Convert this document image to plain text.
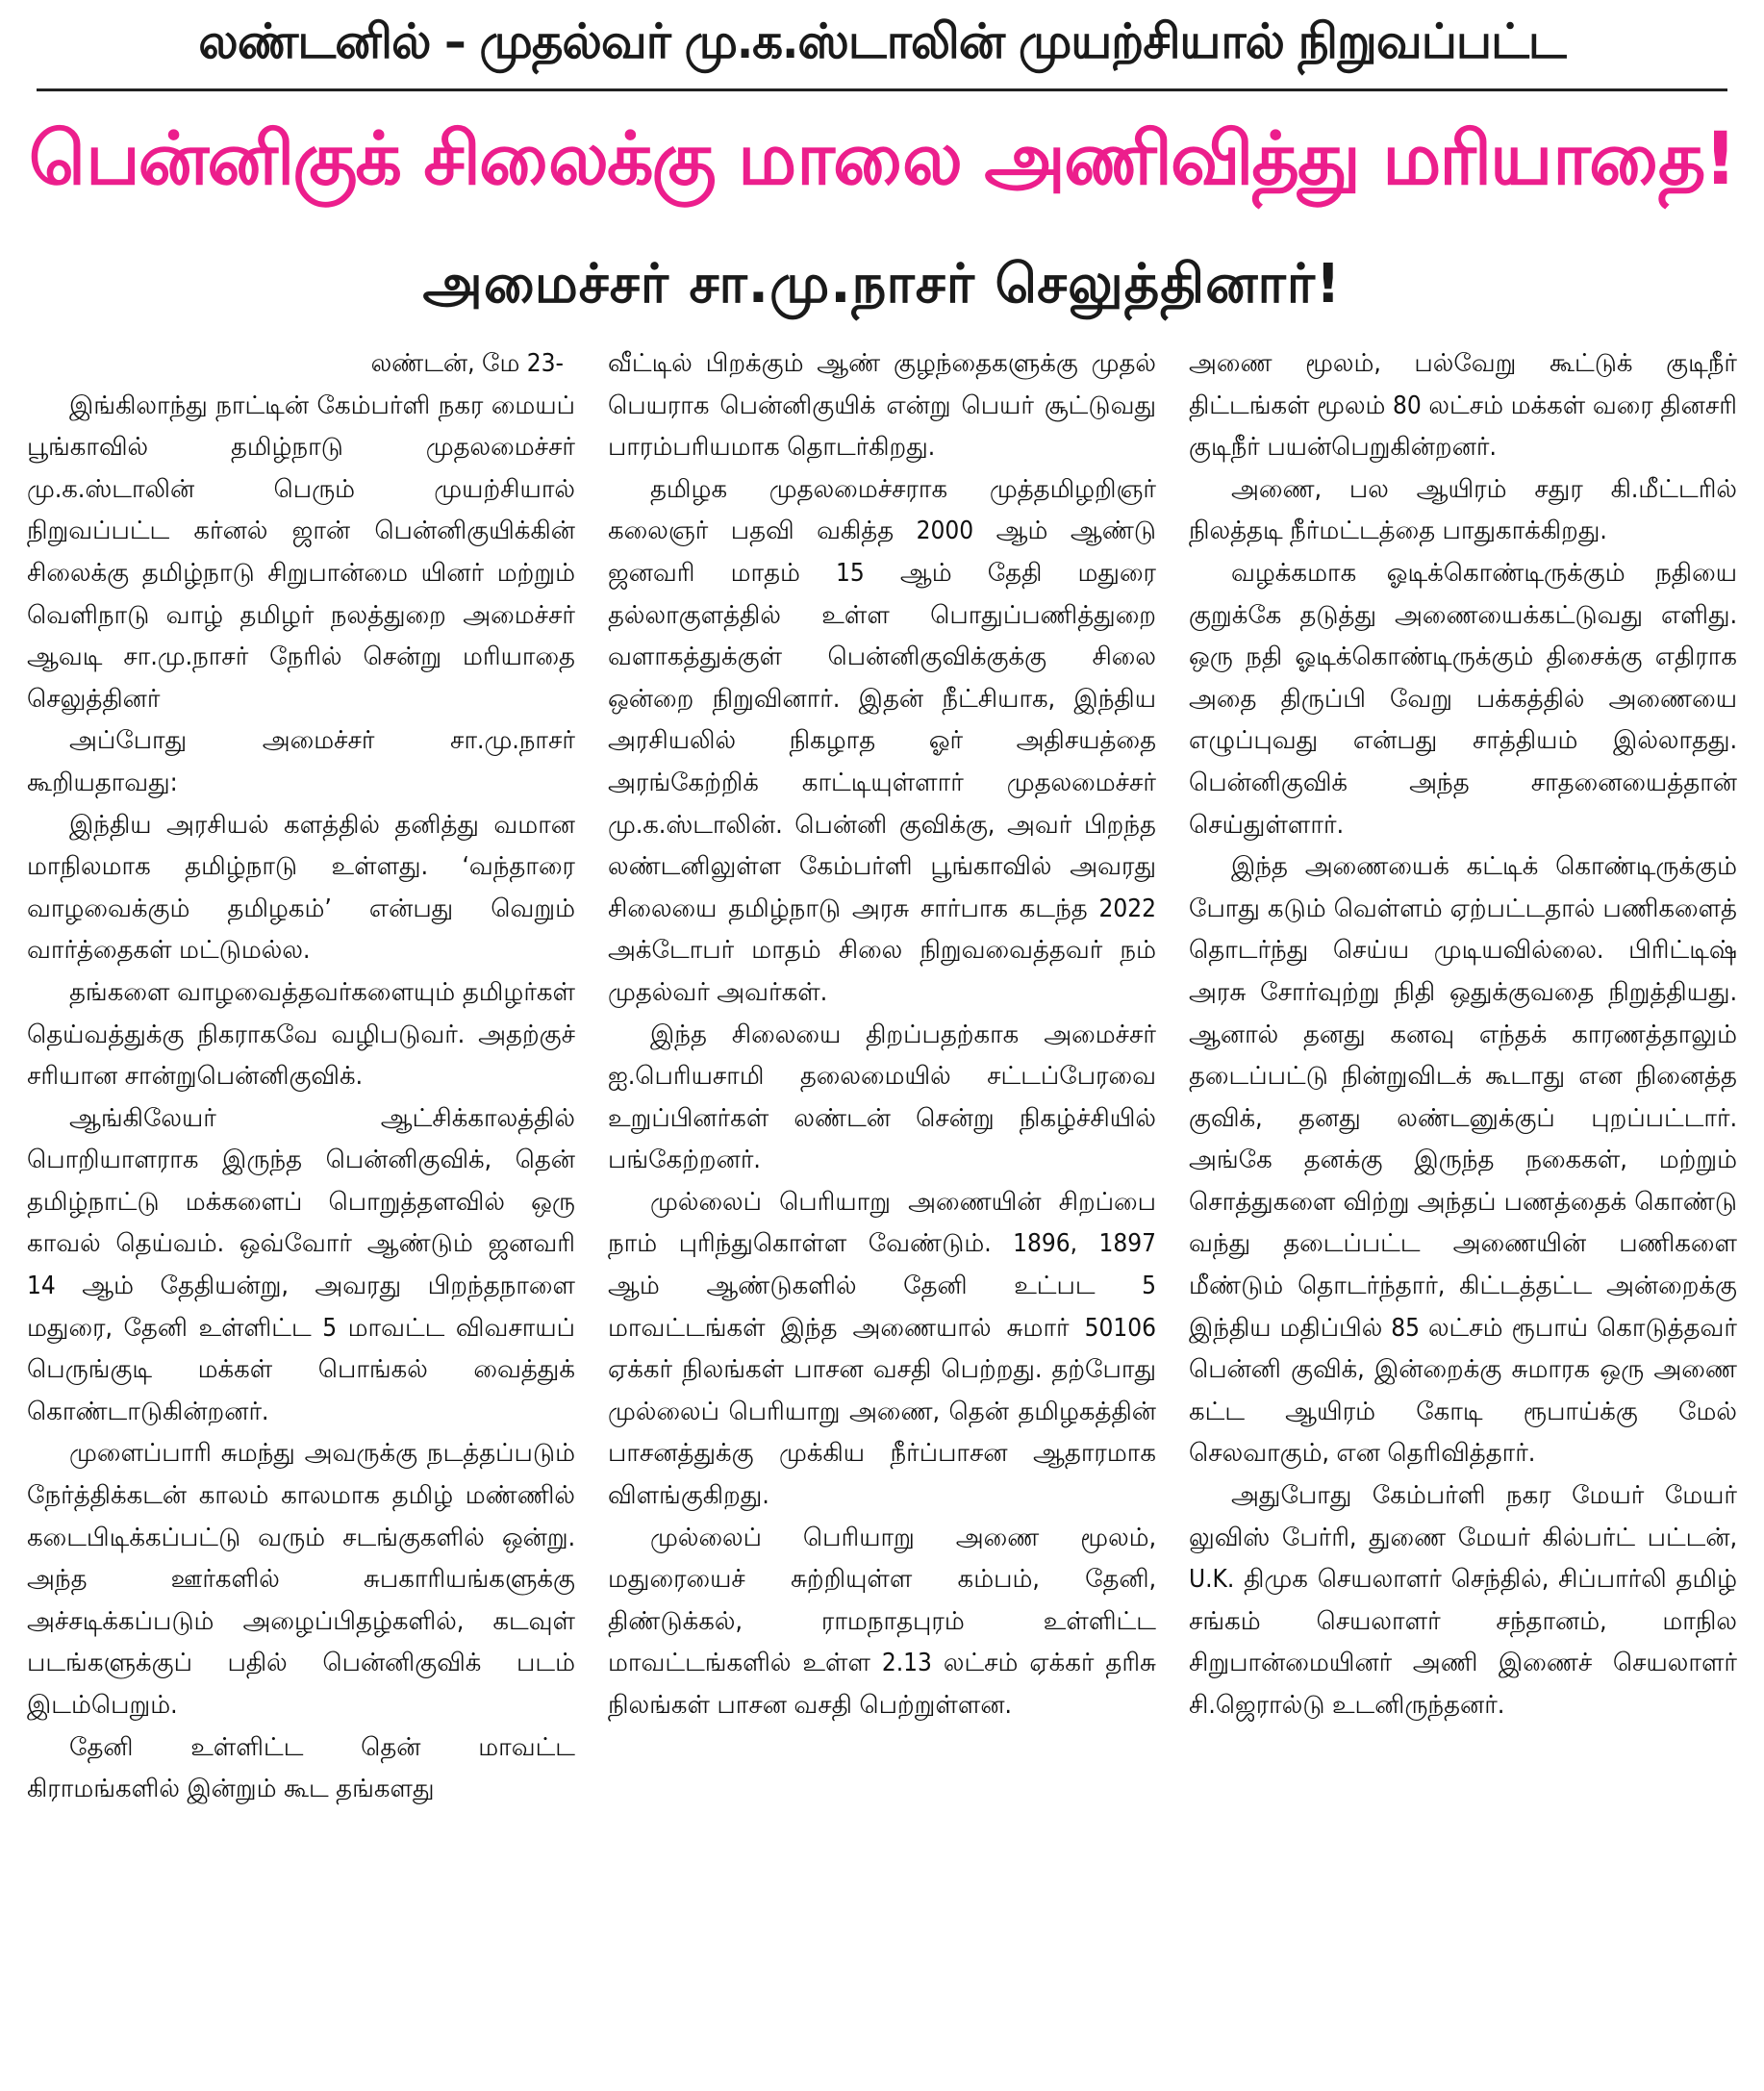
லண்டனில் – முதல்வர் மு.க.ஸ்டாலின் முயற்சியால் நிறுவப்பட்ட
பென்னிகுக் சிலைக்கு மாலை அணிவித்து மரியாதை!
அமைச்சர் சா.மு.நாசர் செலுத்தினார்!

லண்டன், மே 23-

இங்கிலாந்து நாட்டின் கேம்பர்ளி நகர மையப் பூங்காவில் தமிழ்நாடு முதலமைச்சர் மு.க.ஸ்டாலின் பெரும் முயற்சியால் நிறுவப்பட்ட கர்னல் ஜான் பென்னிகுயிக்கின் சிலைக்கு தமிழ்நாடு சிறுபான்மை யினர் மற்றும் வெளிநாடு வாழ் தமிழர் நலத்துறை அமைச்சர் ஆவடி சா.மு.நாசர் நேரில் சென்று மரியாதை செலுத்தினர்

அப்போது அமைச்சர் சா.மு.நாசர் கூறியதாவது:

இந்திய அரசியல் களத்தில் தனித்து வமான மாநிலமாக தமிழ்நாடு உள்ளது. ‘வந்தாரை வாழவைக்கும் தமிழகம்’ என்பது வெறும் வார்த்தைகள் மட்டுமல்ல.

தங்களை வாழவைத்தவர்களையும் தமிழர்கள் தெய்வத்துக்கு நிகராகவே வழிபடுவர். அதற்குச் சரியான சான்றுபென்னிகுவிக்.

ஆங்கிலேயர் ஆட்சிக்காலத்தில் பொறியாளராக இருந்த பென்னிகுவிக், தென் தமிழ்நாட்டு மக்களைப் பொறுத்தளவில் ஒரு காவல் தெய்வம். ஒவ்வோர் ஆண்டும் ஜனவரி 14 ஆம் தேதியன்று, அவரது பிறந்தநாளை மதுரை, தேனி உள்ளிட்ட 5 மாவட்ட விவசாயப் பெருங்குடி மக்கள் பொங்கல் வைத்துக் கொண்டாடுகின்றனர்.

முளைப்பாரி சுமந்து அவருக்கு நடத்தப்படும் நேர்த்திக்கடன் காலம் காலமாக தமிழ் மண்ணில் கடைபிடிக்கப்பட்டு வரும் சடங்குகளில் ஒன்று. அந்த ஊர்களில் சுபகாரியங்களுக்கு அச்சடிக்கப்படும் அழைப்பிதழ்களில், கடவுள் படங்களுக்குப் பதில் பென்னிகுவிக் படம் இடம்பெறும்.

தேனி உள்ளிட்ட தென் மாவட்ட கிராமங்களில் இன்றும் கூட தங்களது

வீட்டில் பிறக்கும் ஆண் குழந்தைகளுக்கு முதல் பெயராக பென்னிகுயிக் என்று பெயர் சூட்டுவது பாரம்பரியமாக தொடர்கிறது.

தமிழக முதலமைச்சராக முத்தமிழறிஞர் கலைஞர் பதவி வகித்த 2000 ஆம் ஆண்டு ஜனவரி மாதம் 15 ஆம் தேதி மதுரை தல்லாகுளத்தில் உள்ள பொதுப்பணித்துறை வளாகத்துக்குள் பென்னிகுவிக்குக்கு சிலை ஒன்றை நிறுவினார். இதன் நீட்சியாக, இந்திய அரசியலில் நிகழாத ஓர் அதிசயத்தை அரங்கேற்றிக் காட்டியுள்ளார் முதலமைச்சர் மு.க.ஸ்டாலின். பென்னி குவிக்கு, அவர் பிறந்த லண்டனிலுள்ள கேம்பர்ளி பூங்காவில் அவரது சிலையை தமிழ்நாடு அரசு சார்பாக கடந்த 2022 அக்டோபர் மாதம் சிலை நிறுவவைத்தவர் நம் முதல்வர் அவர்கள்.

இந்த சிலையை திறப்பதற்காக அமைச்சர் ஐ.பெரியசாமி தலைமையில் சட்டப்பேரவை உறுப்பினர்கள் லண்டன் சென்று நிகழ்ச்சியில் பங்கேற்றனர்.

முல்லைப் பெரியாறு அணையின் சிறப்பை நாம் புரிந்துகொள்ள வேண்டும். 1896, 1897 ஆம் ஆண்டுகளில் தேனி உட்பட 5 மாவட்டங்கள் இந்த அணையால் சுமார் 50106 ஏக்கர் நிலங்கள் பாசன வசதி பெற்றது. தற்போது முல்லைப் பெரியாறு அணை, தென் தமிழகத்தின் பாசனத்துக்கு முக்கிய நீர்ப்பாசன ஆதாரமாக விளங்குகிறது.

முல்லைப் பெரியாறு அணை மூலம், மதுரையைச் சுற்றியுள்ள கம்பம், தேனி, திண்டுக்கல், ராமநாதபுரம் உள்ளிட்ட மாவட்டங்களில் உள்ள 2.13 லட்சம் ஏக்கர் தரிசு நிலங்கள் பாசன வசதி பெற்றுள்ளன.

அணை மூலம், பல்வேறு கூட்டுக் குடிநீர் திட்டங்கள் மூலம் 80 லட்சம் மக்கள் வரை தினசரி குடிநீர் பயன்பெறுகின்றனர்.

அணை, பல ஆயிரம் சதுர கி.மீட்டரில் நிலத்தடி நீர்மட்டத்தை பாதுகாக்கிறது.

வழக்கமாக ஓடிக்கொண்டிருக்கும் நதியை குறுக்கே தடுத்து அணையைக்கட்டுவது எளிது. ஒரு நதி ஓடிக்கொண்டிருக்கும் திசைக்கு எதிராக அதை திருப்பி வேறு பக்கத்தில் அணையை எழுப்புவது என்பது சாத்தியம் இல்லாதது. பென்னிகுவிக் அந்த சாதனையைத்தான் செய்துள்ளார்.

இந்த அணையைக் கட்டிக் கொண்டிருக்கும் போது கடும் வெள்ளம் ஏற்பட்டதால் பணிகளைத் தொடர்ந்து செய்ய முடியவில்லை. பிரிட்டிஷ் அரசு சோர்வுற்று நிதி ஒதுக்குவதை நிறுத்தியது. ஆனால் தனது கனவு எந்தக் காரணத்தாலும் தடைப்பட்டு நின்றுவிடக் கூடாது என நினைத்த குவிக், தனது லண்டனுக்குப் புறப்பட்டார். அங்கே தனக்கு இருந்த நகைகள், மற்றும் சொத்துகளை விற்று அந்தப் பணத்தைக் கொண்டு வந்து தடைப்பட்ட அணையின் பணிகளை மீண்டும் தொடர்ந்தார், கிட்டத்தட்ட அன்றைக்கு இந்திய மதிப்பில் 85 லட்சம் ரூபாய் கொடுத்தவர் பென்னி குவிக், இன்றைக்கு சுமாரக ஒரு அணை கட்ட ஆயிரம் கோடி ரூபாய்க்கு மேல் செலவாகும், என தெரிவித்தார்.

அதுபோது கேம்பர்ளி நகர மேயர் மேயர் லுவிஸ் பேர்ரி, துணை மேயர் கில்பர்ட் பட்டன், U.K. திமுக செயலாளர் செந்தில், சிப்பார்லி தமிழ் சங்கம் செயலாளர் சந்தானம், மாநில சிறுபான்மையினர் அணி இணைச் செயலாளர் சி.ஜெரால்டு உடனிருந்தனர்.
